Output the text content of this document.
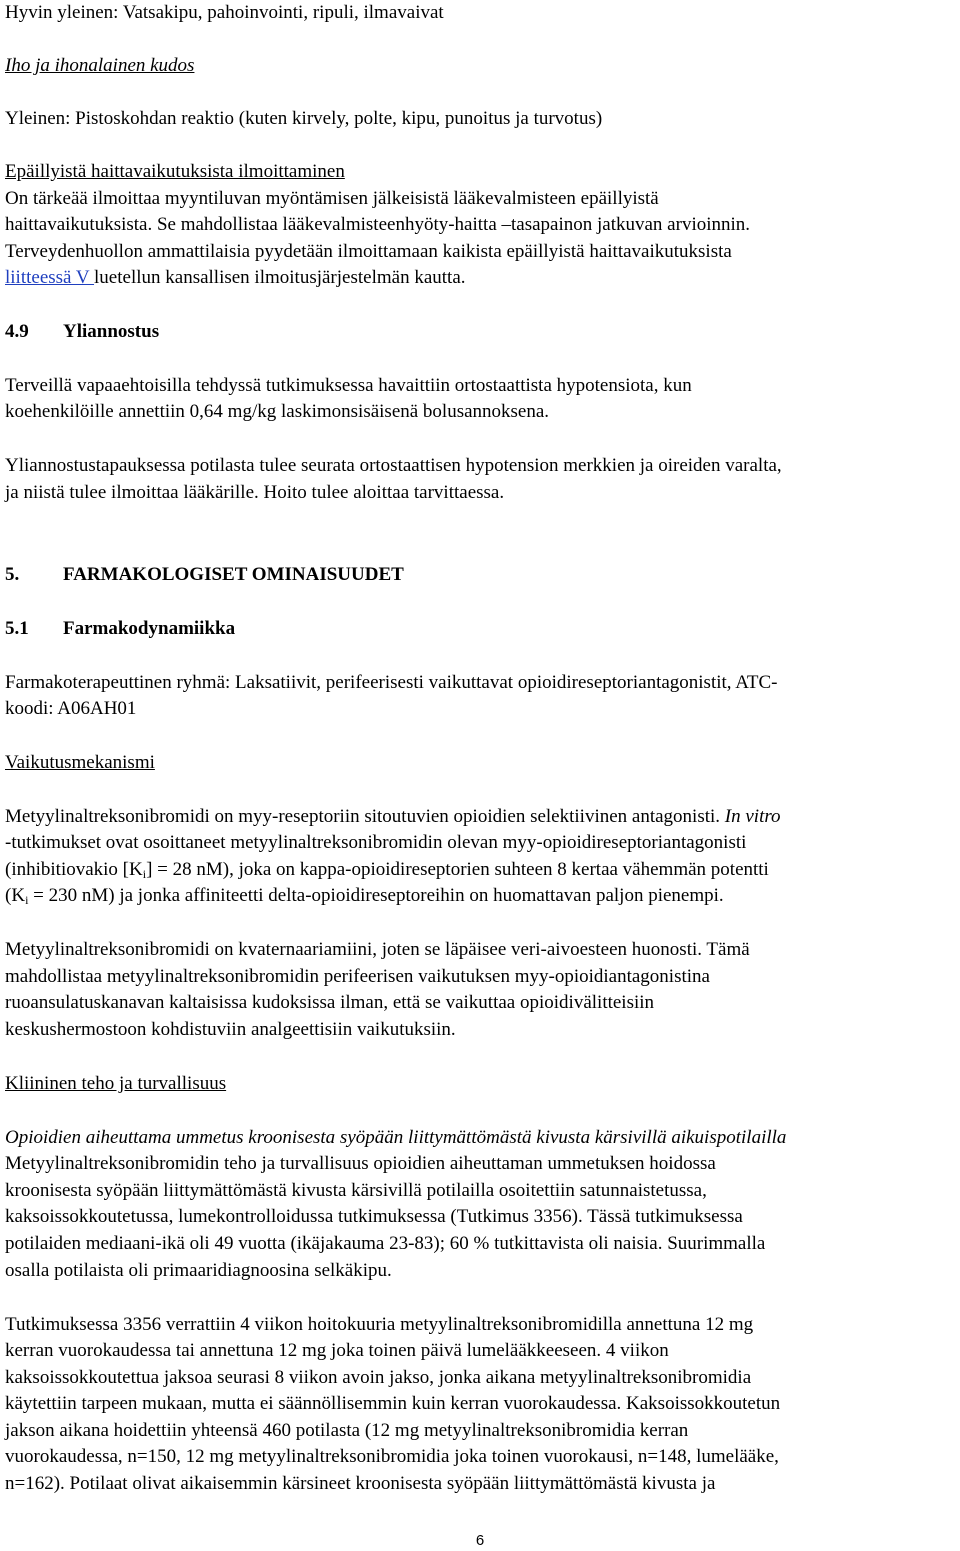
Hyvin yleinen: Vatsakipu, pahoinvointi, ripuli, ilmavaivat
Iho ja ihonalainen kudos
Yleinen: Pistoskohdan reaktio (kuten kirvely, polte, kipu, punoitus ja turvotus)
Epäillyistä haittavaikutuksista ilmoittaminen
On tärkeää ilmoittaa myyntiluvan myöntämisen jälkeisistä lääkevalmisteen epäillyistä
haittavaikutuksista. Se mahdollistaa lääkevalmisteenhyöty-haitta –tasapainon jatkuvan arvioinnin.
Terveydenhuollon ammattilaisia pyydetään ilmoittamaan kaikista epäillyistä haittavaikutuksista
liitteessä V luetellun kansallisen ilmoitusjärjestelmän kautta.
4.9 Yliannostus
Terveillä vapaaehtoisilla tehdyssä tutkimuksessa havaittiin ortostaattista hypotensiota, kun
koehenkilöille annettiin 0,64 mg/kg laskimonsisäisenä bolusannoksena.
Yliannostustapauksessa potilasta tulee seurata ortostaattisen hypotension merkkien ja oireiden varalta,
ja niistä tulee ilmoittaa lääkärille. Hoito tulee aloittaa tarvittaessa.
5. FARMAKOLOGISET OMINAISUUDET
5.1 Farmakodynamiikka
Farmakoterapeuttinen ryhmä: Laksatiivit, perifeerisesti vaikuttavat opioidireseptoriantagonistit, ATC-
koodi: A06AH01
Vaikutusmekanismi
Metyylinaltreksonibromidi on myy-reseptoriin sitoutuvien opioidien selektiivinen antagonisti. In vitro
-tutkimukset ovat osoittaneet metyylinaltreksonibromidin olevan myy-opioidireseptoriantagonisti
(inhibitiovakio $[K_i] = 28$ nM), joka on kappa-opioidireseptorien suhteen 8 kertaa vähemmän potentti
($K_i = 230$ nM) ja jonka affiniteetti delta-opioidireseptoreihin on huomattavan paljon pienempi.
Metyylinaltreksonibromidi on kvaternaariamiini, joten se läpäisee veri-aivoesteen huonosti. Tämä
mahdollistaa metyylinaltreksonibromidin perifeerisen vaikutuksen myy-opioidiantagonistina
ruoansulatuskanavan kaltaisissa kudoksissa ilman, että se vaikuttaa opioidivälitteisiin
keskushermostoon kohdistuviin analgeettisiin vaikutuksiin.
Kliininen teho ja turvallisuus
Opioidien aiheuttama ummetus kroonisesta syöpään liittymättömästä kivusta kärsivillä aikuispotilailla
Metyylinaltreksonibromidin teho ja turvallisuus opioidien aiheuttaman ummetuksen hoidossa
kroonisesta syöpään liittymättömästä kivusta kärsivillä potilailla osoitettiin satunnaistetussa,
kaksoissokkoutetussa, lumekontrolloidussa tutkimuksessa (Tutkimus 3356). Tässä tutkimuksessa
potilaiden mediaani-ikä oli 49 vuotta (ikäjakauma 23-83); 60 % tutkittavista oli naisia. Suurimmalla
osalla potilaista oli primaaridiagnoosina selkäkipu.
Tutkimuksessa 3356 verrattiin 4 viikon hoitokuuria metyylinaltreksonibromidilla annettuna 12 mg
kerran vuorokaudessa tai annettuna 12 mg joka toinen päivä lumelääkkeeseen. 4 viikon
kaksoissokkoutettua jaksoa seurasi 8 viikon avoin jakso, jonka aikana metyylinaltreksonibromidia
käytettiin tarpeen mukaan, mutta ei säännöllisemmin kuin kerran vuorokaudessa. Kaksoissokkoutetun
jakson aikana hoidettiin yhteensä 460 potilasta (12 mg metyylinaltreksonibromidia kerran
vuorokaudessa, n=150, 12 mg metyylinaltreksonibromidia joka toinen vuorokausi, n=148, lumelääke,
n=162). Potilaat olivat aikaisemmin kärsineet kroonisesta syöpään liittymättömästä kivusta ja
6
